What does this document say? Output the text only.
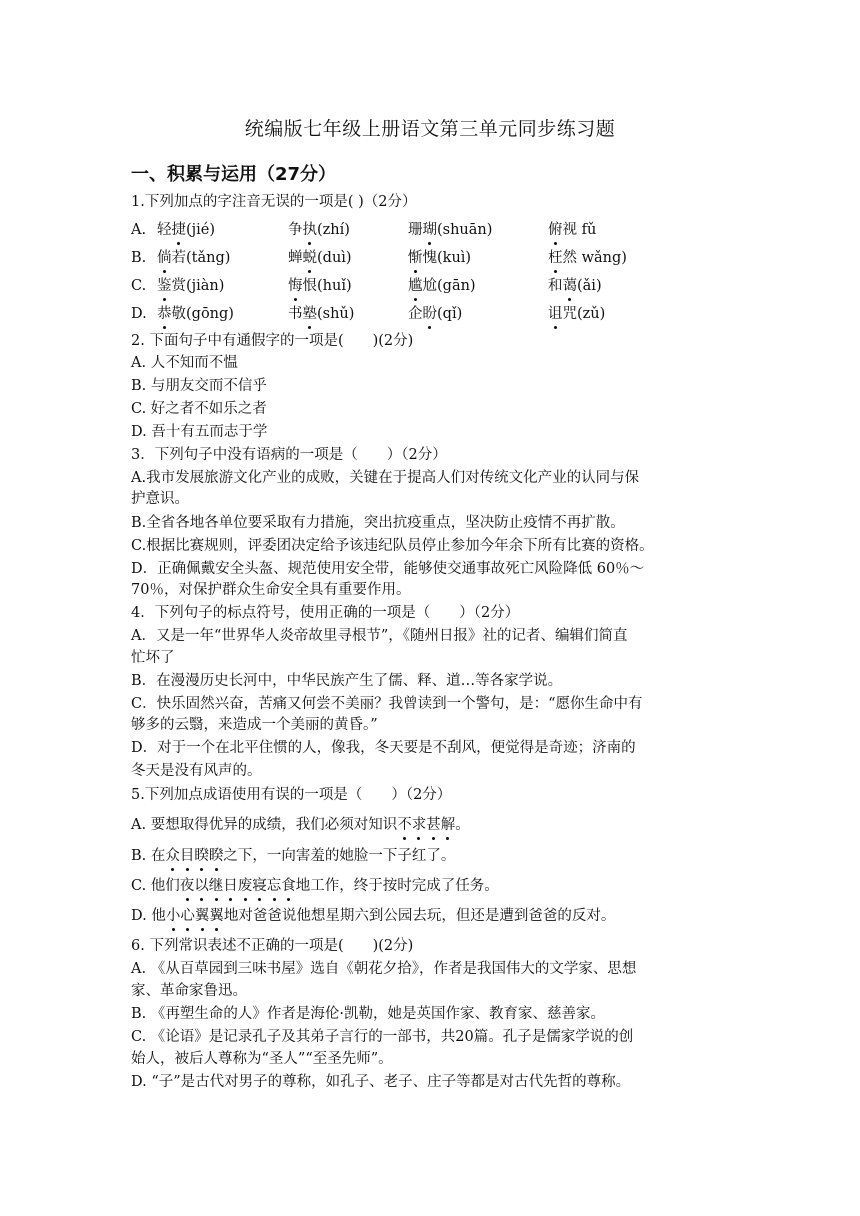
统编版七年级上册语文第三单元同步练习题
一、积累与运用（27分）
1.下列加点的字注音无误的一项是( )（2分）
A. 轻捷(jié)	争执(zhí)	珊瑚(shuān)	俯视 fǔ
B. 倘若(tǎng)	蝉蜕(duì)	惭愧(kuì)	枉然 wǎng)
C. 鉴赏(jiàn)	悔恨(huǐ)	尴尬(gān)	和蔼(ǎi)
D. 恭敬(gōng)	书塾(shǔ)	企盼(qǐ)	诅咒(zǔ)
2. 下面句子中有通假字的一项是(　　)(2分)
A. 人不知而不愠
B. 与朋友交而不信乎
C. 好之者不如乐之者
D. 吾十有五而志于学
3．下列句子中没有语病的一项是（　　）（2分）
A.我市发展旅游文化产业的成败，关键在于提高人们对传统文化产业的认同与保
护意识。
B.全省各地各单位要采取有力措施，突出抗疫重点，坚决防止疫情不再扩散。
C.根据比赛规则，评委团决定给予该违纪队员停止参加今年余下所有比赛的资格。
D．正确佩戴安全头盔、规范使用安全带，能够使交通事故死亡风险降低 60％～
70％，对保护群众生命安全具有重要作用。
4．下列句子的标点符号，使用正确的一项是（　　）（2分）
A．又是一年“世界华人炎帝故里寻根节”，《随州日报》社的记者、编辑们简直
忙坏了
B．在漫漫历史长河中，中华民族产生了儒、释、道…等各家学说。
C．快乐固然兴奋，苦痛又何尝不美丽？我曾读到一个警句，是：“愿你生命中有
够多的云翳，来造成一个美丽的黄昏。”
D．对于一个在北平住惯的人，像我，冬天要是不刮风，便觉得是奇迹；济南的
冬天是没有风声的。
5.下列加点成语使用有误的一项是（　　）（2分）
A. 要想取得优异的成绩，我们必须对知识不求甚解。
B. 在众目睽睽之下，一向害羞的她脸一下子红了。
C. 他们夜以继日废寝忘食地工作，终于按时完成了任务。
D. 他小心翼翼地对爸爸说他想星期六到公园去玩，但还是遭到爸爸的反对。
6. 下列常识表述不正确的一项是(　　)(2分)
A. 《从百草园到三味书屋》选自《朝花夕拾》，作者是我国伟大的文学家、思想
家、革命家鲁迅。
B. 《再塑生命的人》作者是海伦·凯勒，她是英国作家、教育家、慈善家。
C. 《论语》是记录孔子及其弟子言行的一部书，共20篇。孔子是儒家学说的创
始人，被后人尊称为“圣人”“至圣先师”。
D. “子”是古代对男子的尊称，如孔子、老子、庄子等都是对古代先哲的尊称。
